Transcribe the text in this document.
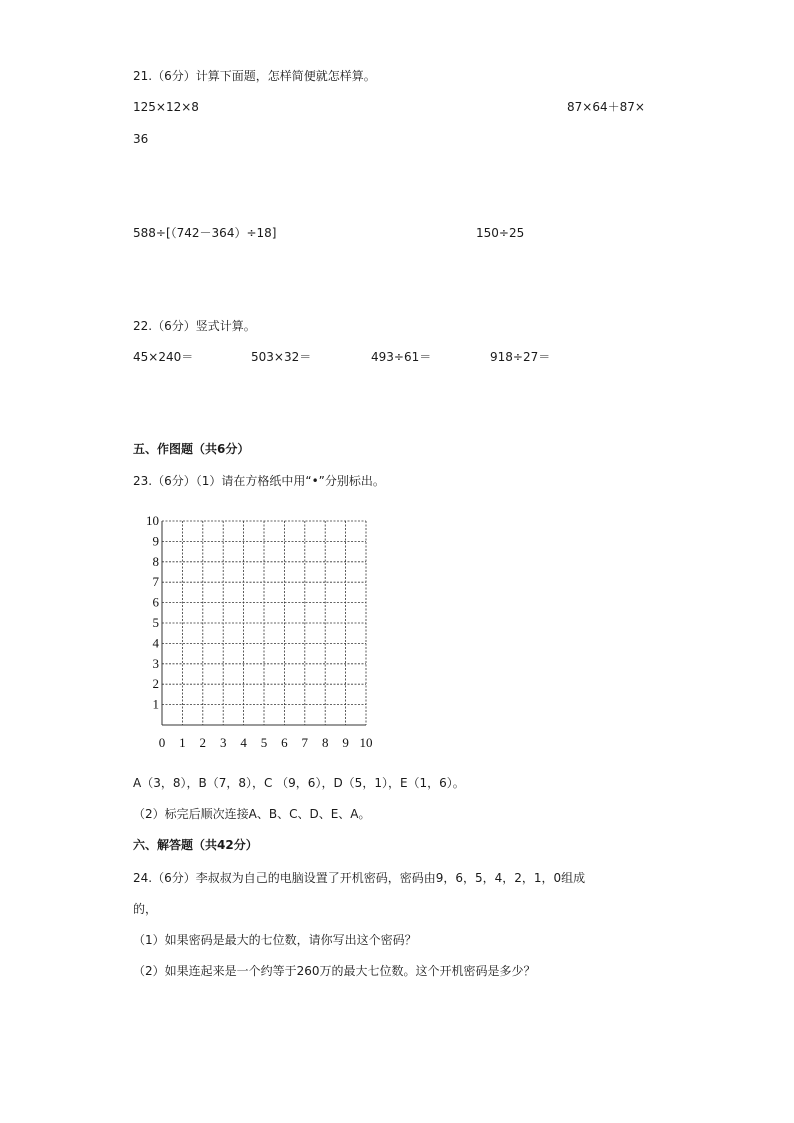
21.（6分）计算下面题，怎样简便就怎样算。
125×12×8	87×64＋87×
36
588÷[（742－364）÷18]	150÷25
22.（6分）竖式计算。
45×240＝	503×32＝	493÷61＝	918÷27＝
五、作图题（共6分）
23.（6分）（1）请在方格纸中用“•”分别标出。
10
9
8
7
6
5
4
3
2
1
0 1 2 3 4 5 6 7 8 9 10
A（3，8），B（7，8），C （9，6），D（5，1），E（1，6）。
（2）标完后顺次连接A、B、C、D、E、A。
六、解答题（共42分）
24.（6分）李叔叔为自己的电脑设置了开机密码，密码由9，6，5，4，2，1，0组成
的，
（1）如果密码是最大的七位数，请你写出这个密码？
（2）如果连起来是一个约等于260万的最大七位数。这个开机密码是多少？
